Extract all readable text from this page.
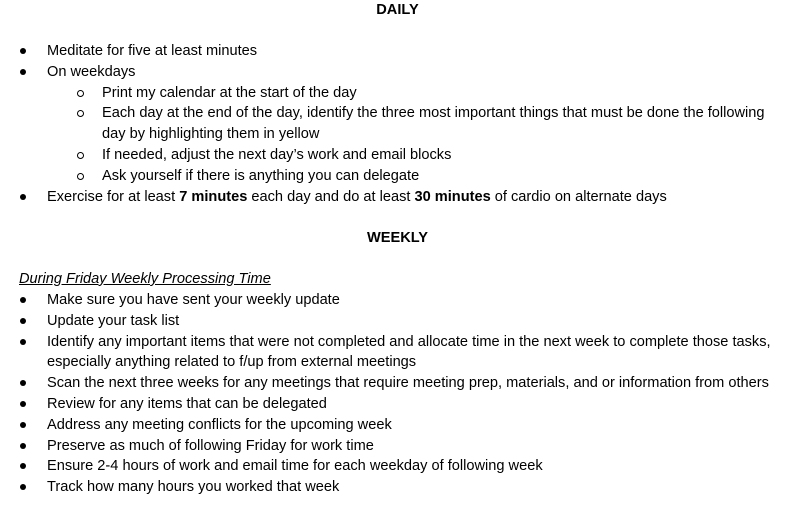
DAILY
Meditate for five at least minutes
On weekdays
Print my calendar at the start of the day
Each day at the end of the day, identify the three most important things that must be done the following day by highlighting them in yellow
If needed, adjust the next day’s work and email blocks
Ask yourself if there is anything you can delegate
Exercise for at least 7 minutes each day and do at least 30 minutes of cardio on alternate days
WEEKLY

During Friday Weekly Processing Time

Make sure you have sent your weekly update
Update your task list
Identify any important items that were not completed and allocate time in the next week to complete those tasks, especially anything related to f/up from external meetings
Scan the next three weeks for any meetings that require meeting prep, materials, and or information from others
Review for any items that can be delegated
Address any meeting conflicts for the upcoming week
Preserve as much of following Friday for work time
Ensure 2-4 hours of work and email time for each weekday of following week
Track how many hours you worked that week
